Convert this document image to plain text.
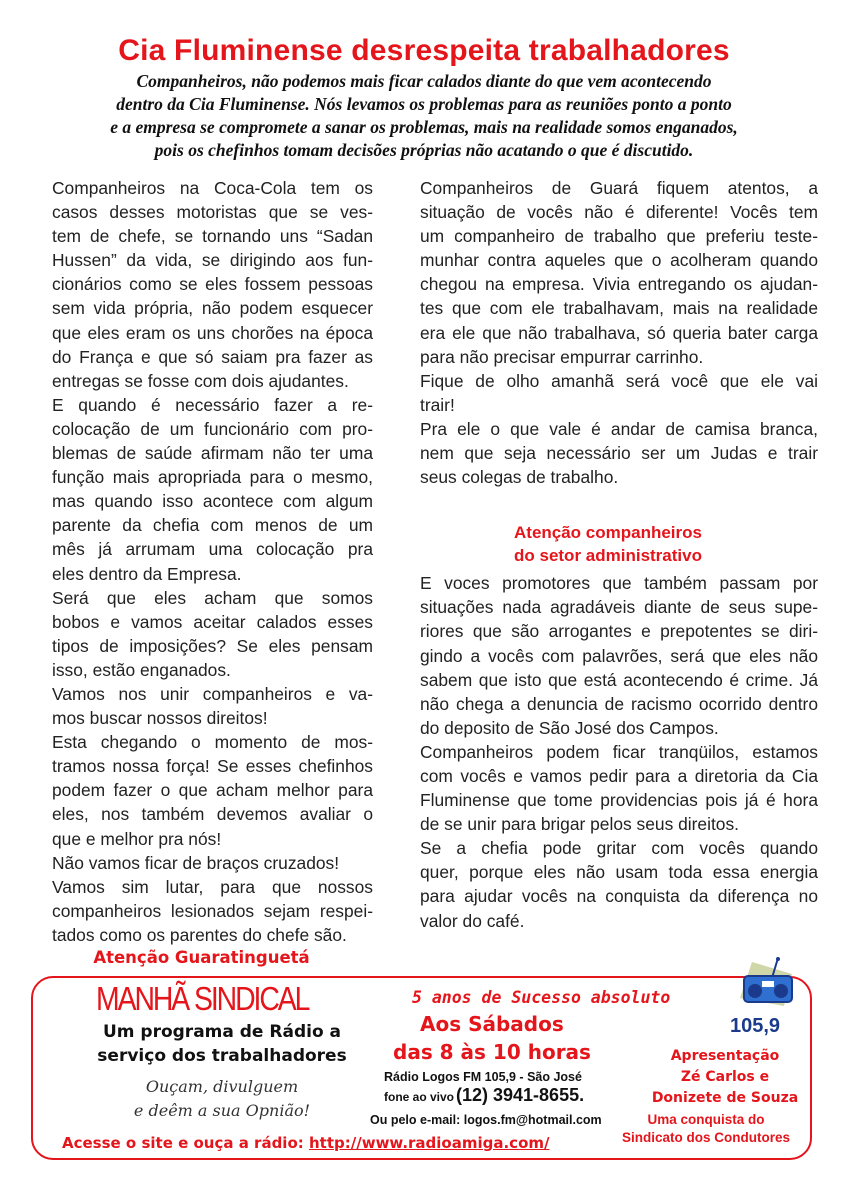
Cia Fluminense desrespeita trabalhadores
Companheiros, não podemos mais ficar calados diante do que vem acontecendo
dentro da Cia Fluminense. Nós levamos os problemas para as reuniões ponto a ponto
e a empresa se compromete a sanar os problemas, mais na realidade somos enganados,
pois os chefinhos tomam decisões próprias não acatando o que é discutido.

Companheiros na Coca-Cola tem os
casos desses motoristas que se ves-
tem de chefe, se tornando uns “Sadan
Hussen” da vida, se dirigindo aos fun-
cionários como se eles fossem pessoas
sem vida própria, não podem esquecer
que eles eram os uns chorões na época
do França e que só saiam pra fazer as
entregas se fosse com dois ajudantes.

E quando é necessário fazer a re-
colocação de um funcionário com pro-
blemas de saúde afirmam não ter uma
função mais apropriada para o mesmo,
mas quando isso acontece com algum
parente da chefia com menos de um
mês já arrumam uma colocação pra
eles dentro da Empresa.

Será que eles acham que somos
bobos e vamos aceitar calados esses
tipos de imposições? Se eles pensam
isso, estão enganados.

Vamos nos unir companheiros e va-
mos buscar nossos direitos!

Esta chegando o momento de mos-
tramos nossa força! Se esses chefinhos
podem fazer o que acham melhor para
eles, nos também devemos avaliar o
que e melhor pra nós!

Não vamos ficar de braços cruzados!

Vamos sim lutar, para que nossos
companheiros lesionados sejam respei-
tados como os parentes do chefe são.

Companheiros de Guará fiquem atentos, a
situação de vocês não é diferente! Vocês tem
um companheiro de trabalho que preferiu teste-
munhar contra aqueles que o acolheram quando
chegou na empresa. Vivia entregando os ajudan-
tes que com ele trabalhavam, mais na realidade
era ele que não trabalhava, só queria bater carga
para não precisar empurrar carrinho.

Fique de olho amanhã será você que ele vai
trair!

Pra ele o que vale é andar de camisa branca,
nem que seja necessário ser um Judas e trair
seus colegas de trabalho.

Atenção companheiros
do setor administrativo

E voces promotores que também passam por
situações nada agradáveis diante de seus supe-
riores que são arrogantes e prepotentes se diri-
gindo a vocês com palavrões, será que eles não
sabem que isto que está acontecendo é crime. Já
não chega a denuncia de racismo ocorrido dentro
do deposito de São José dos Campos.

Companheiros podem ficar tranqüilos, estamos
com vocês e vamos pedir para a diretoria da Cia
Fluminense que tome providencias pois já é hora
de se unir para brigar pelos seus direitos.

Se a chefia pode gritar com vocês quando
quer, porque eles não usam toda essa energia
para ajudar vocês na conquista da diferença no
valor do café.

Atenção Guaratinguetá
MANHÃ SINDICAL
Um programa de Rádio a
serviço dos trabalhadores
Ouçam, divulguem
e deêm a sua Opnião!
5 anos de Sucesso absoluto
Aos Sábados
das 8 às 10 horas
Rádio Logos FM 105,9 - São José
fone ao vivo (12) 3941-8655.
Ou pelo e-mail: logos.fm@hotmail.com
Acesse o site e ouça a rádio: http://www.radioamiga.com/
105,9
Apresentação
Zé Carlos e
Donizete de Souza
Uma conquista do
Sindicato dos Condutores
